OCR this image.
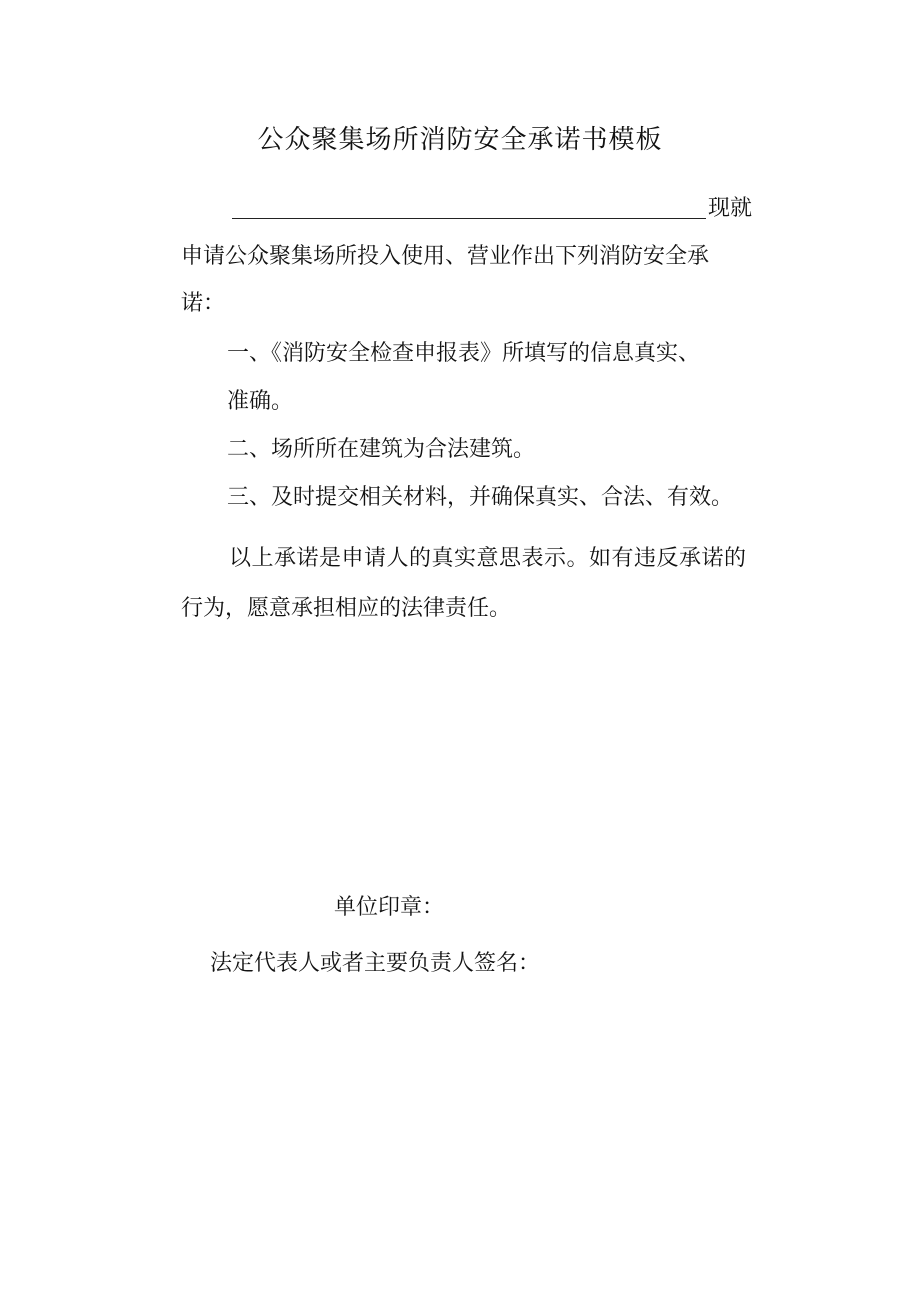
公众聚集场所消防安全承诺书模板
现就
申请公众聚集场所投入使用、营业作出下列消防安全承
诺：
一、《消防安全检查申报表》所填写的信息真实、
准确。
二、场所所在建筑为合法建筑。
三、及时提交相关材料，并确保真实、合法、有效。
以上承诺是申请人的真实意思表示。如有违反承诺的
行为，愿意承担相应的法律责任。
单位印章：
法定代表人或者主要负责人签名：
